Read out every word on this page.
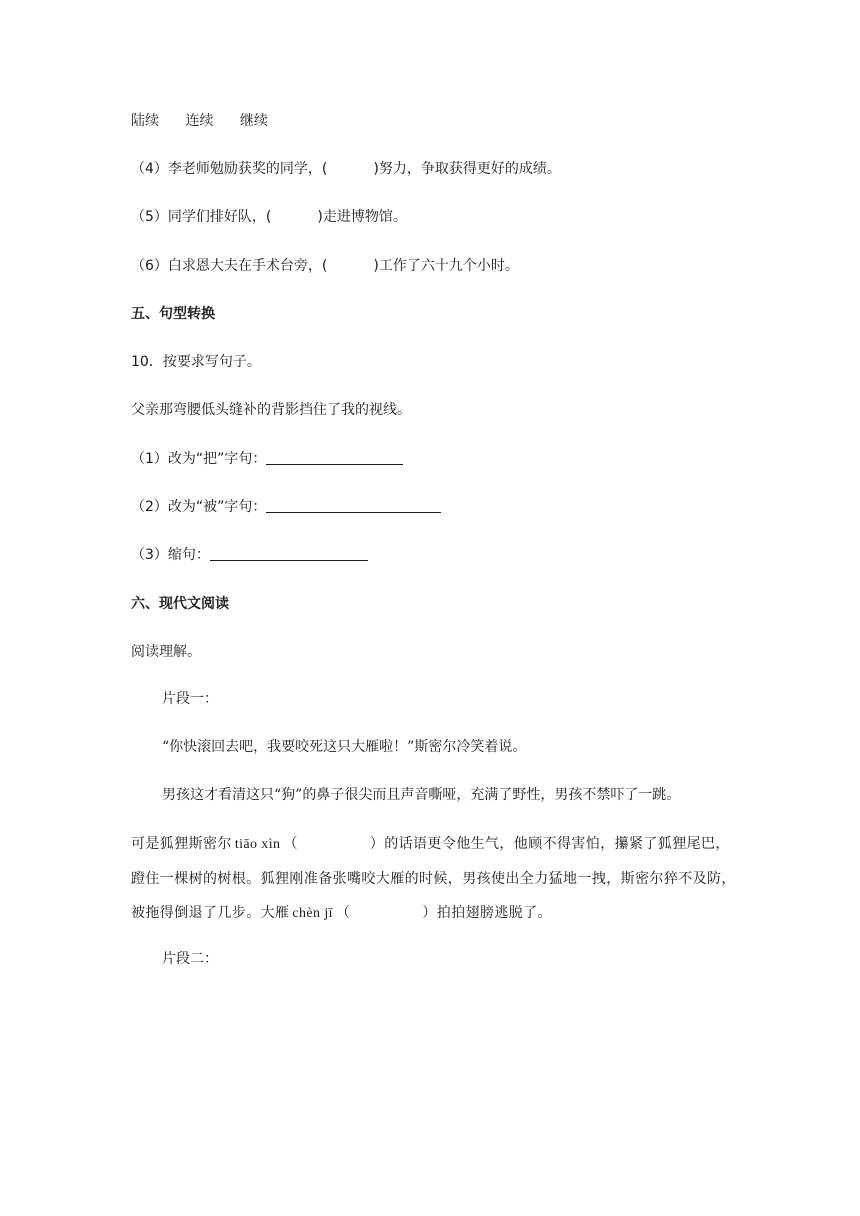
陆续 连续 继续
（4）李老师勉励获奖的同学，(	)努力，争取获得更好的成绩。
（5）同学们排好队，(	)走进博物馆。
（6）白求恩大夫在手术台旁，(	)工作了六十九个小时。
五、句型转换
10．按要求写句子。
父亲那弯腰低头缝补的背影挡住了我的视线。
（1）改为“把”字句：
（2）改为“被”字句：
（3）缩句：
六、现代文阅读
阅读理解。
片段一：
“你快滚回去吧，我要咬死这只大雁啦！”斯密尔冷笑着说。
男孩这才看清这只“狗”的鼻子很尖而且声音嘶哑，充满了野性，男孩不禁吓了一跳。
可是狐狸斯密尔 tiāo xìn （	）的话语更令他生气，他顾不得害怕，攥紧了狐狸尾巴，蹬住一棵树的树根。狐狸刚准备张嘴咬大雁的时候，男孩使出全力猛地一拽，斯密尔猝不及防，被拖得倒退了几步。大雁 chèn jī （	）拍拍翅膀逃脱了。
片段二：
